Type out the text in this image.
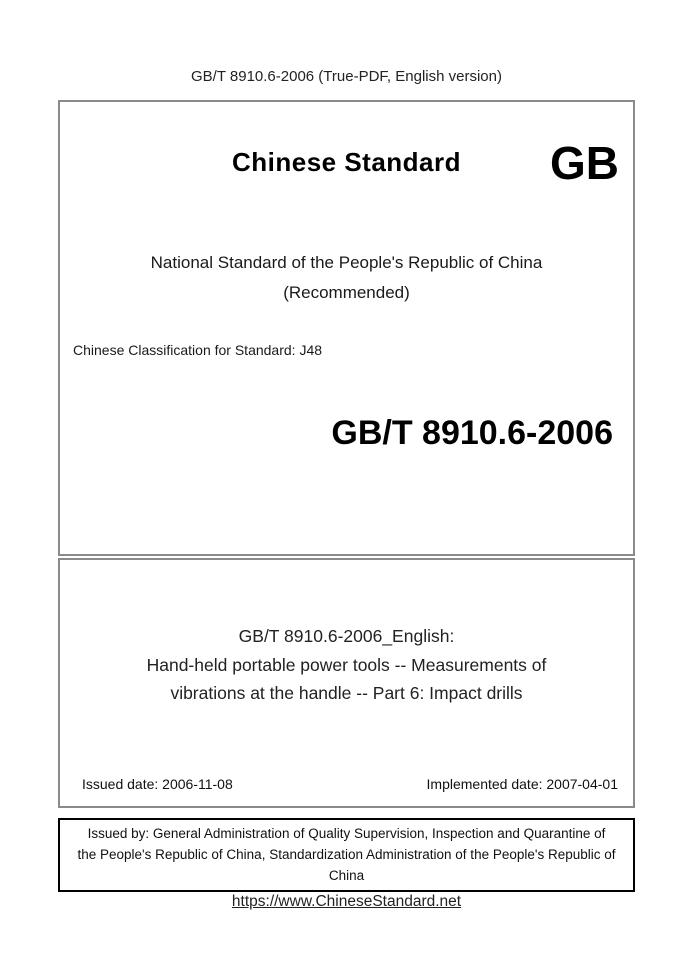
GB/T 8910.6-2006 (True-PDF, English version)
Chinese Standard	GB
National Standard of the People's Republic of China
(Recommended)
Chinese Classification for Standard: J48
GB/T 8910.6-2006
GB/T 8910.6-2006_English:
Hand-held portable power tools -- Measurements of
vibrations at the handle -- Part 6: Impact drills
Issued date: 2006-11-08	Implemented date: 2007-04-01
Issued by: General Administration of Quality Supervision, Inspection and Quarantine of
the People's Republic of China, Standardization Administration of the People's Republic of
China
https://www.ChineseStandard.net
